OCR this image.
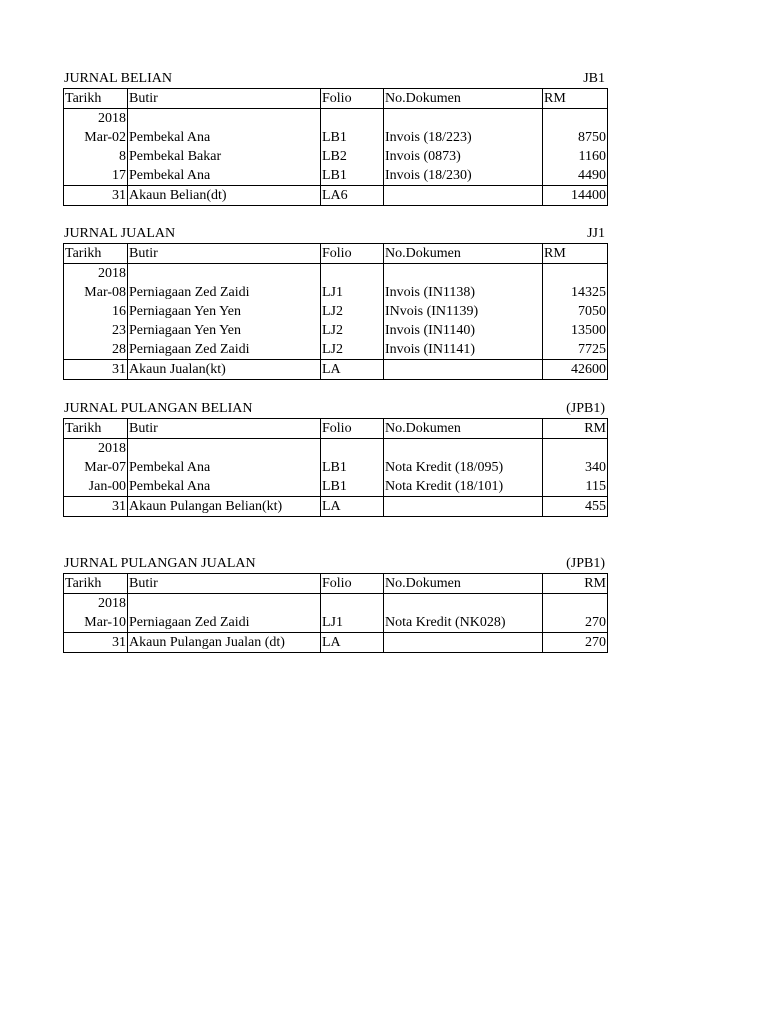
JURNAL BELIAN	JB1
Tarikh	Butir	Folio	No.Dokumen	RM
2018				
Mar-02	Pembekal Ana	LB1	Invois (18/223)	8750
8	Pembekal Bakar	LB2	Invois (0873)	1160
17	Pembekal Ana	LB1	Invois (18/230)	4490
31	Akaun Belian(dt)	LA6		14400
JURNAL JUALAN	JJ1
Tarikh	Butir	Folio	No.Dokumen	RM
2018				
Mar-08	Perniagaan Zed Zaidi	LJ1	Invois (IN1138)	14325
16	Perniagaan Yen Yen	LJ2	INvois (IN1139)	7050
23	Perniagaan Yen Yen	LJ2	Invois (IN1140)	13500
28	Perniagaan Zed Zaidi	LJ2	Invois (IN1141)	7725
31	Akaun Jualan(kt)	LA		42600
JURNAL PULANGAN BELIAN	(JPB1)
Tarikh	Butir	Folio	No.Dokumen	RM
2018				
Mar-07	Pembekal Ana	LB1	Nota Kredit (18/095)	340
Jan-00	Pembekal Ana	LB1	Nota Kredit (18/101)	115
31	Akaun Pulangan Belian(kt)	LA		455
JURNAL PULANGAN JUALAN	(JPB1)
Tarikh	Butir	Folio	No.Dokumen	RM
2018				
Mar-10	Perniagaan Zed Zaidi	LJ1	Nota Kredit (NK028)	270
31	Akaun Pulangan Jualan (dt)	LA		270
